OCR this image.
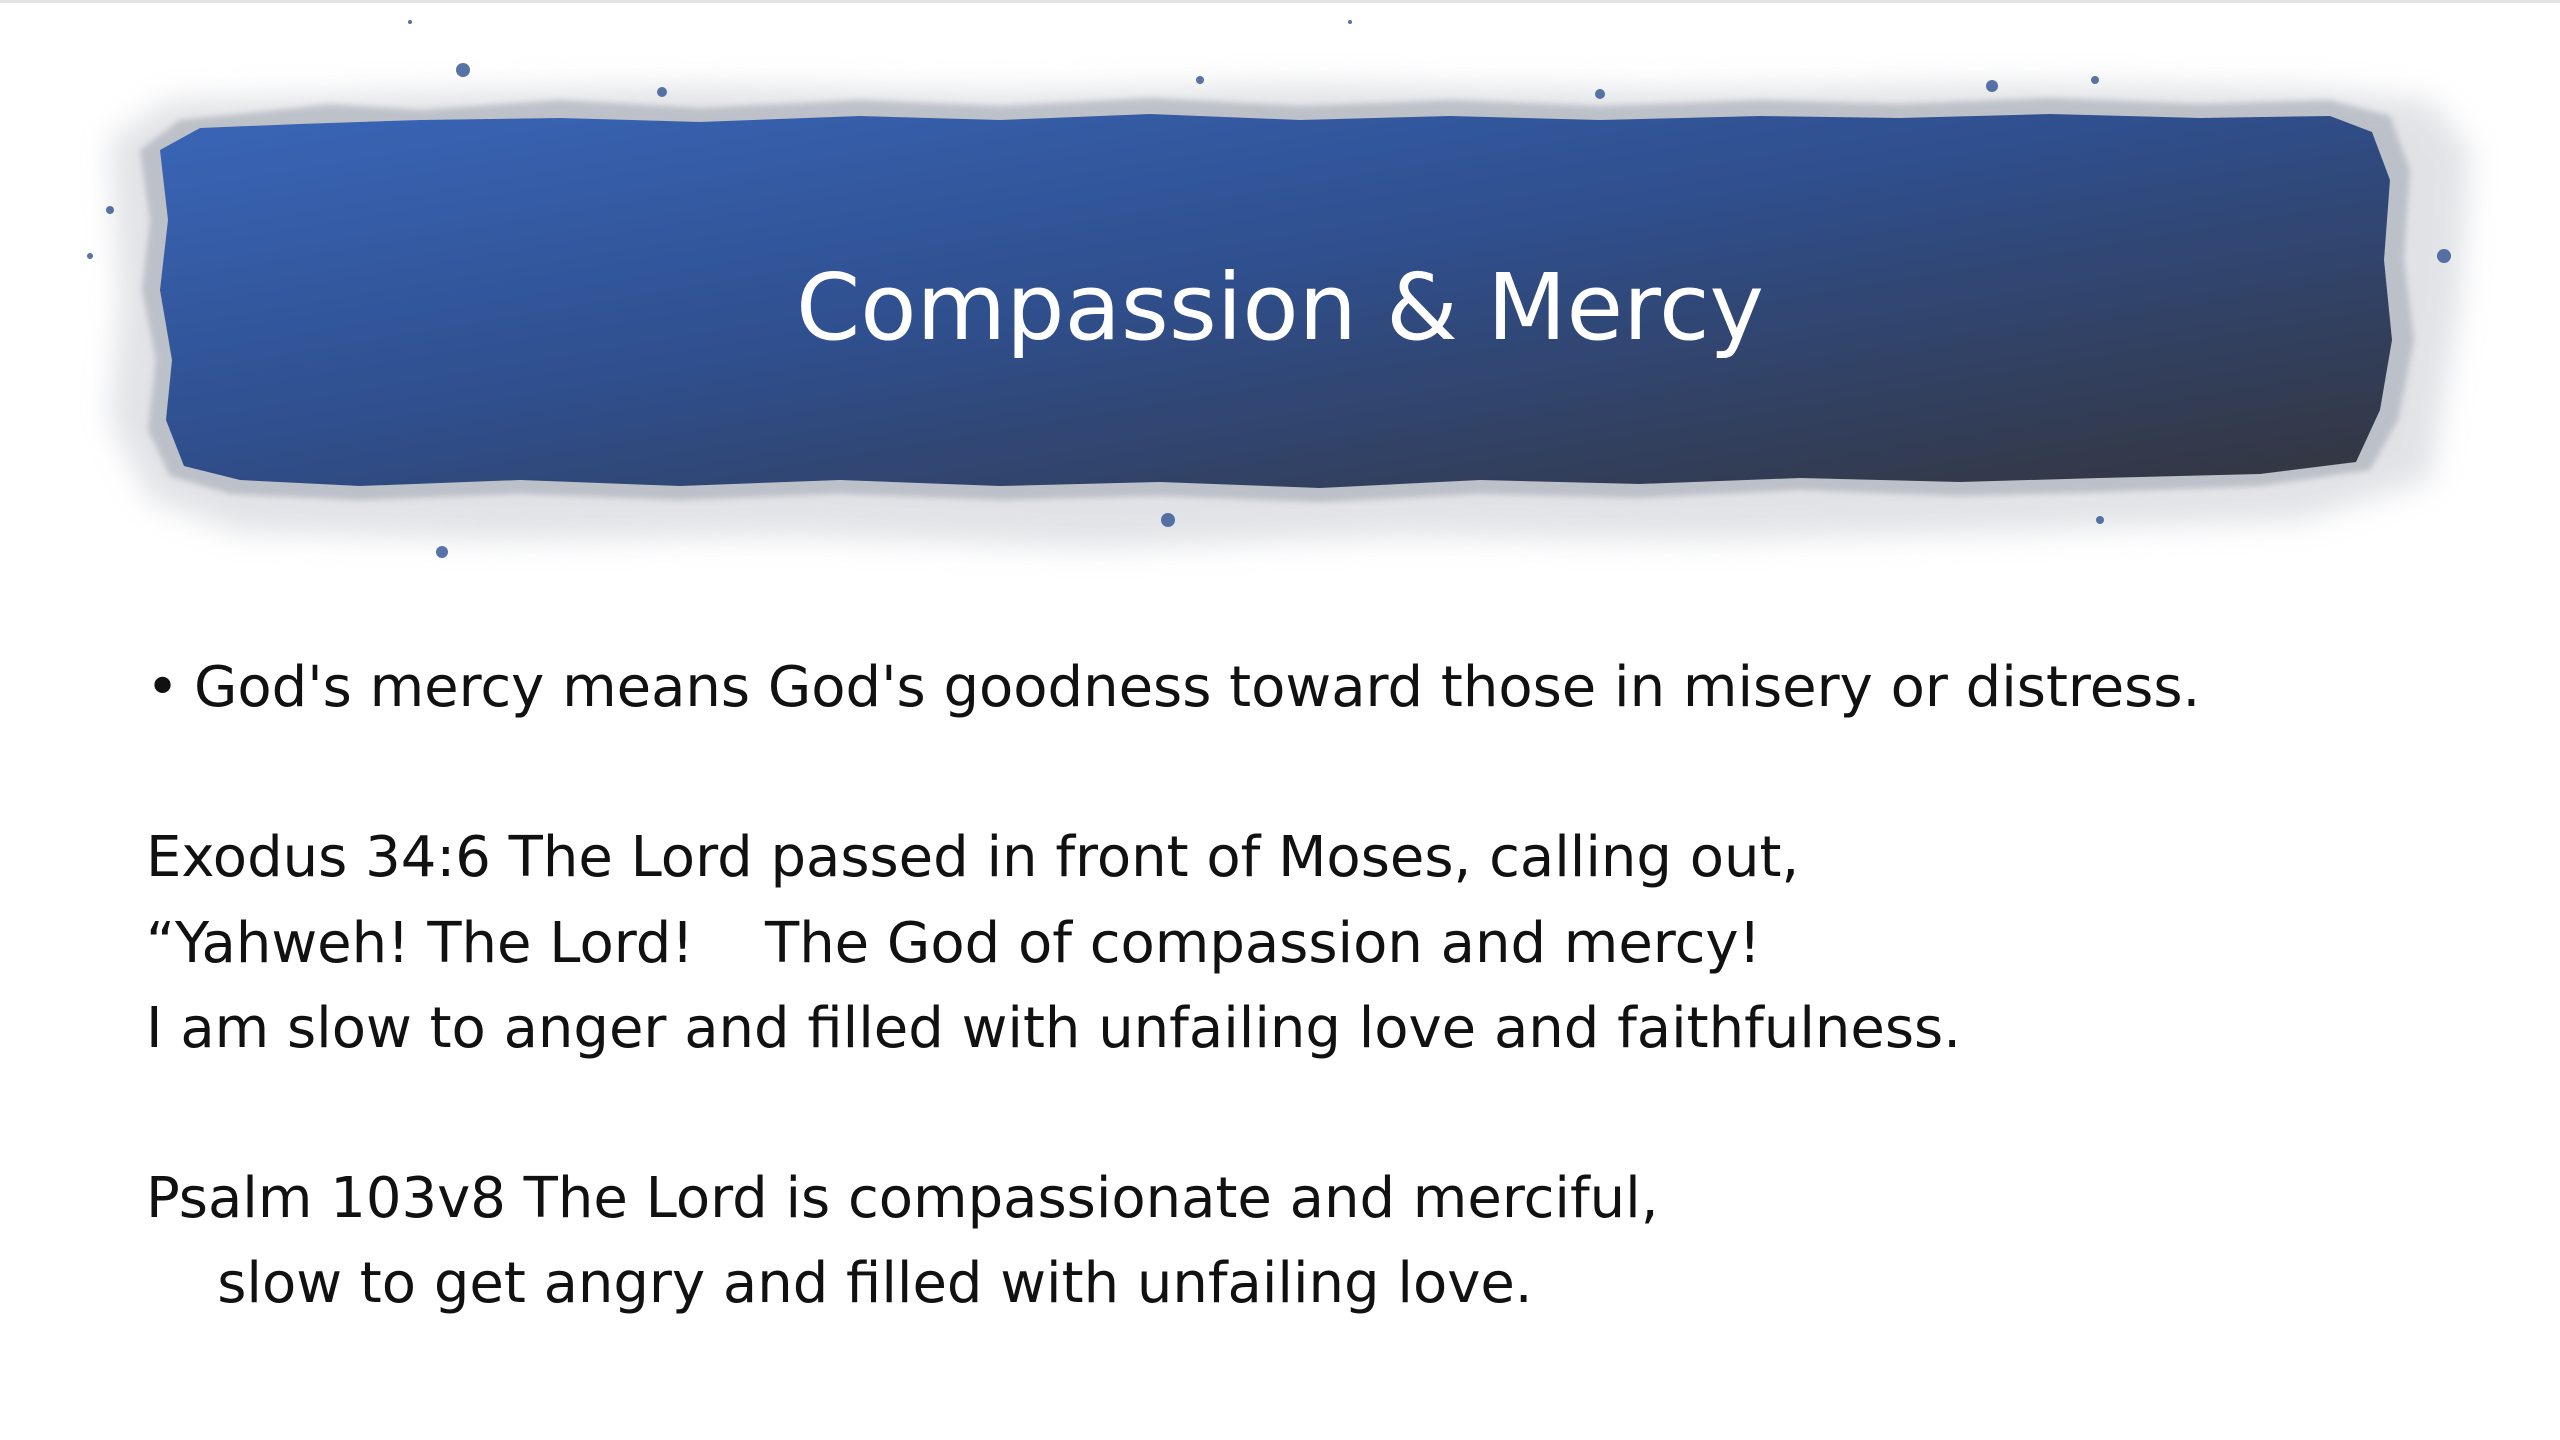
Compassion & Mercy

•

God's mercy means God's goodness toward those in misery or distress.

Exodus 34:6 The Lord passed in front of Moses, calling out,
“Yahweh! The Lord!    The God of compassion and mercy!
I am slow to anger and filled with unfailing love and faithfulness.
Psalm 103v8 The Lord is compassionate and merciful,
slow to get angry and filled with unfailing love.
